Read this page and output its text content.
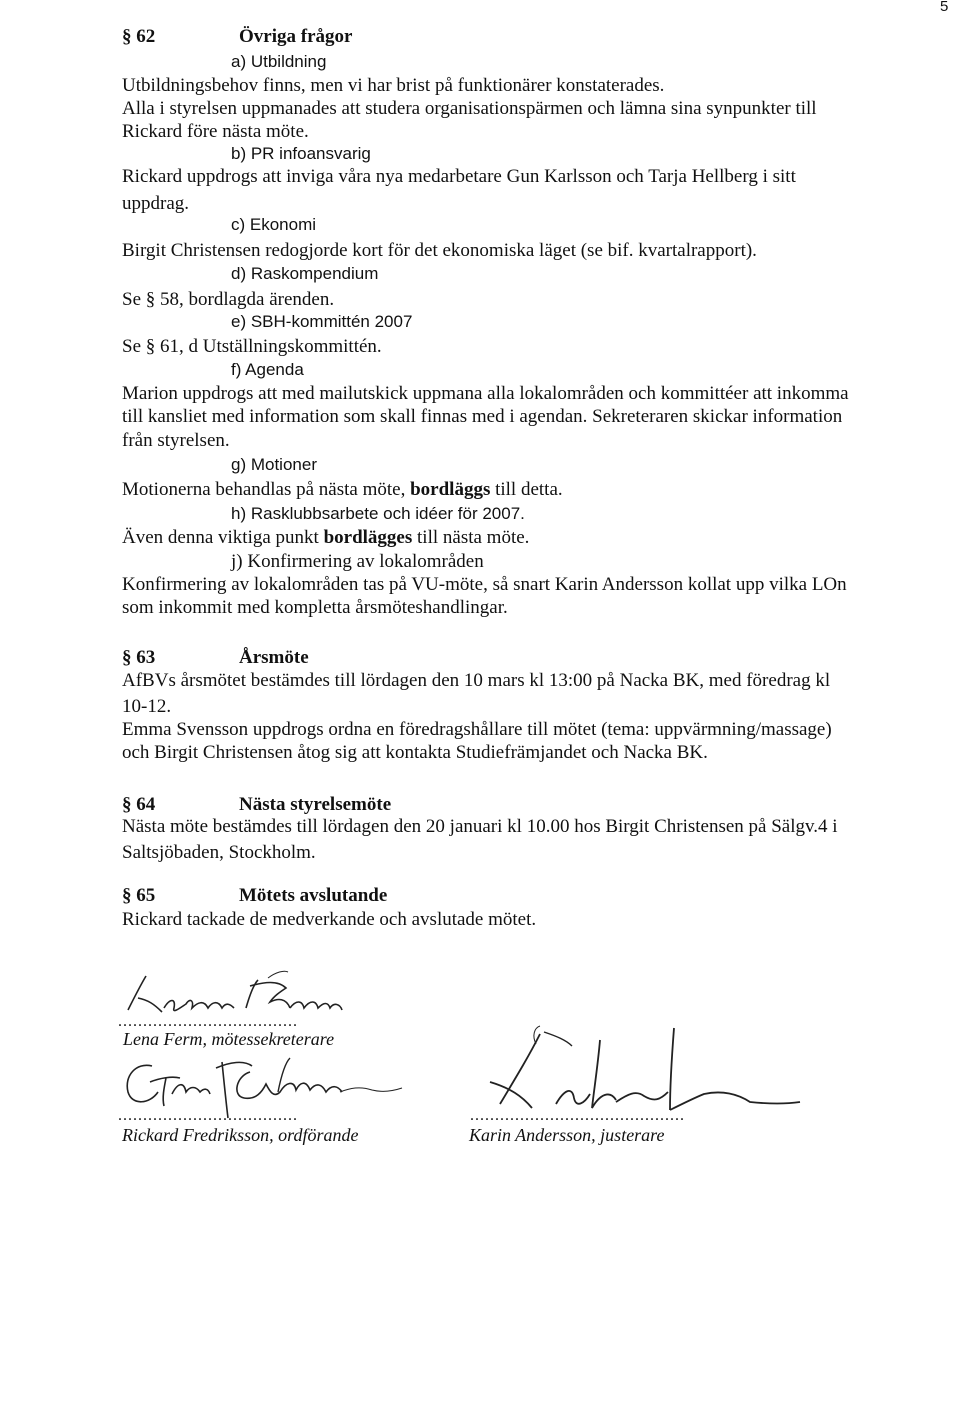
5
§ 62	Övriga frågor
a) Utbildning
Utbildningsbehov finns, men vi har brist på funktionärer konstaterades.
Alla i styrelsen uppmanades att studera organisationspärmen och lämna sina synpunkter till
Rickard före nästa möte.
b) PR infoansvarig
Rickard uppdrogs att inviga våra nya medarbetare Gun Karlsson och Tarja Hellberg i sitt
uppdrag.
c) Ekonomi
Birgit Christensen redogjorde kort för det ekonomiska läget (se bif. kvartalrapport).
d) Raskompendium
Se § 58, bordlagda ärenden.
e) SBH-kommittén 2007
Se § 61, d Utställningskommittén.
f) Agenda
Marion uppdrogs att med mailutskick uppmana alla lokalområden och kommittéer att inkomma
till kansliet med information som skall finnas med i agendan. Sekreteraren skickar information
från styrelsen.
g) Motioner
Motionerna behandlas på nästa möte, bordläggs till detta.
h) Rasklubbsarbete och idéer för 2007.
Även denna viktiga punkt bordlägges till nästa möte.
j) Konfirmering av lokalområden
Konfirmering av lokalområden tas på VU-möte, så snart Karin Andersson kollat upp vilka LOn
som inkommit med kompletta årsmöteshandlingar.
§ 63	Årsmöte
AfBVs årsmötet bestämdes till lördagen den 10 mars kl 13:00 på Nacka BK, med föredrag kl
10-12.
Emma Svensson uppdrogs ordna en föredragshållare till mötet (tema: uppvärmning/massage)
och Birgit Christensen åtog sig att kontakta Studiefrämjandet och Nacka BK.
§ 64	Nästa styrelsemöte
Nästa möte bestämdes till lördagen den 20 januari kl 10.00 hos Birgit Christensen på Sälgv.4 i
Saltsjöbaden, Stockholm.
§ 65	Mötets avslutande
Rickard tackade de medverkande och avslutade mötet.
....................................
Lena Ferm, mötessekreterare
....................................
Rickard Fredriksson, ordförande
...........................................
Karin Andersson, justerare
